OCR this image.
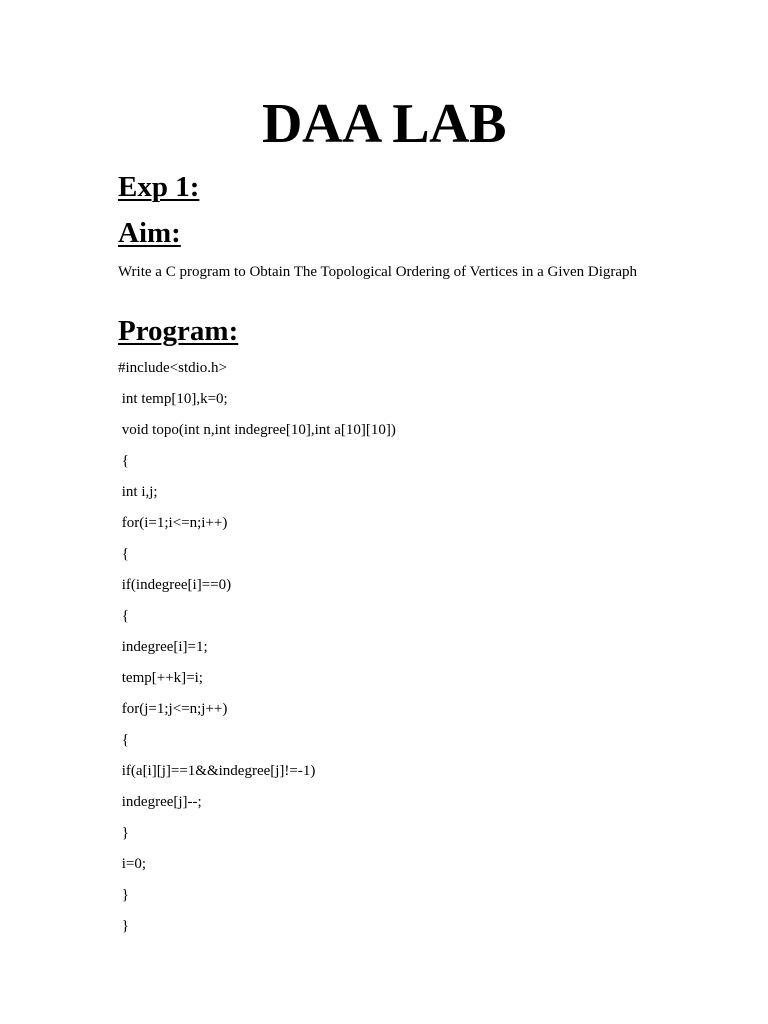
DAA LAB
Exp 1:
Aim:

Write a C program to Obtain The Topological Ordering of Vertices in a Given Digraph

Program:
#include<stdio.h>
int temp[10],k=0;
void topo(int n,int indegree[10],int a[10][10])
{
int i,j;
for(i=1;i<=n;i++)
{
if(indegree[i]==0)
{
indegree[i]=1;
temp[++k]=i;
for(j=1;j<=n;j++)
{
if(a[i][j]==1&&indegree[j]!=-1)
indegree[j]--;
}
i=0;
}
}
